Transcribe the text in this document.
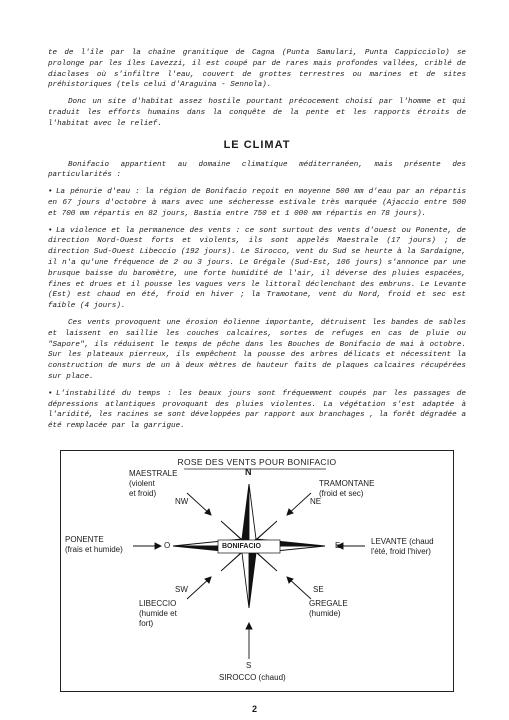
te de l'île par la chaîne granitique de Cagna (Punta Samulari, Punta Cappicciolo) se prolonge par les îles Lavezzi, il est coupé par de rares mais profondes vallées, criblé de diaclases où s'infiltre l'eau, couvert de grottes terrestres ou marines et de sites préhistoriques (tels celui d'Araguina - Sennola).

Donc un site d'habitat assez hostile pourtant précocement choisi par l'homme et qui traduit les efforts humains dans la conquête de la pente et les rapports étroits de l'habitat avec le relief.

LE CLIMAT

Bonifacio appartient au domaine climatique méditerranéen, mais présente des particularités :

• La pénurie d'eau : la région de Bonifacio reçoit en moyenne 500 mm d'eau par an répartis en 67 jours d'octobre à mars avec une sécheresse estivale très marquée (Ajaccio entre 500 et 700 mm répartis en 82 jours, Bastia entre 750 et 1 000 mm répartis en 78 jours).

• La violence et la permanence des vents : ce sont surtout des vents d'ouest ou Ponente, de direction Nord-Ouest forts et violents, ils sont appelés Maestrale (17 jours) ; de direction Sud-Ouest Libeccio (192 jours). Le Sirocco, vent du Sud se heurte à la Sardaigne, il n'a qu'une fréquence de 2 ou 3 jours. Le Grégale (Sud-Est, 106 jours) s'annonce par une brusque baisse du baromètre, une forte humidité de l'air, il déverse des pluies espacées, fines et drues et il pousse les vagues vers le littoral déclenchant des embruns. Le Levante (Est) est chaud en été, froid en hiver ; la Tramotane, vent du Nord, froid et sec est faible (4 jours).

Ces vents provoquent une érosion éolienne importante, détruisent les bandes de sables et laissent en saillie les couches calcaires, sortes de refuges en cas de pluie ou "Sapore", ils réduisent le temps de pêche dans les Bouches de Bonifacio de mai à octobre. Sur les plateaux pierreux, ils empêchent la pousse des arbres délicats et nécessitent la construction de murs de un à deux mètres de hauteur faits de plaques calcaires récupérées sur place.

• L'instabilité du temps : les beaux jours sont fréquemment coupés par les passages de dépressions atlantiques provoquant des pluies violentes. La végétation s'est adaptée à l'aridité, les racines se sont développées par rapport aux branchages , la forêt dégradée a été remplacée par la garrigue.

ROSE DES VENTS POUR BONIFACIO
N
NW	NE
O	E
SW	SE
S
BONIFACIO
MAESTRALE
(violent
et froid)
TRAMONTANE
(froid et sec)
PONENTE
(frais et humide)
LEVANTE (chaud
l'été, froid l'hiver)
LIBECCIO
(humide et
fort)
GREGALE
(humide)
SIROCCO (chaud)
2
